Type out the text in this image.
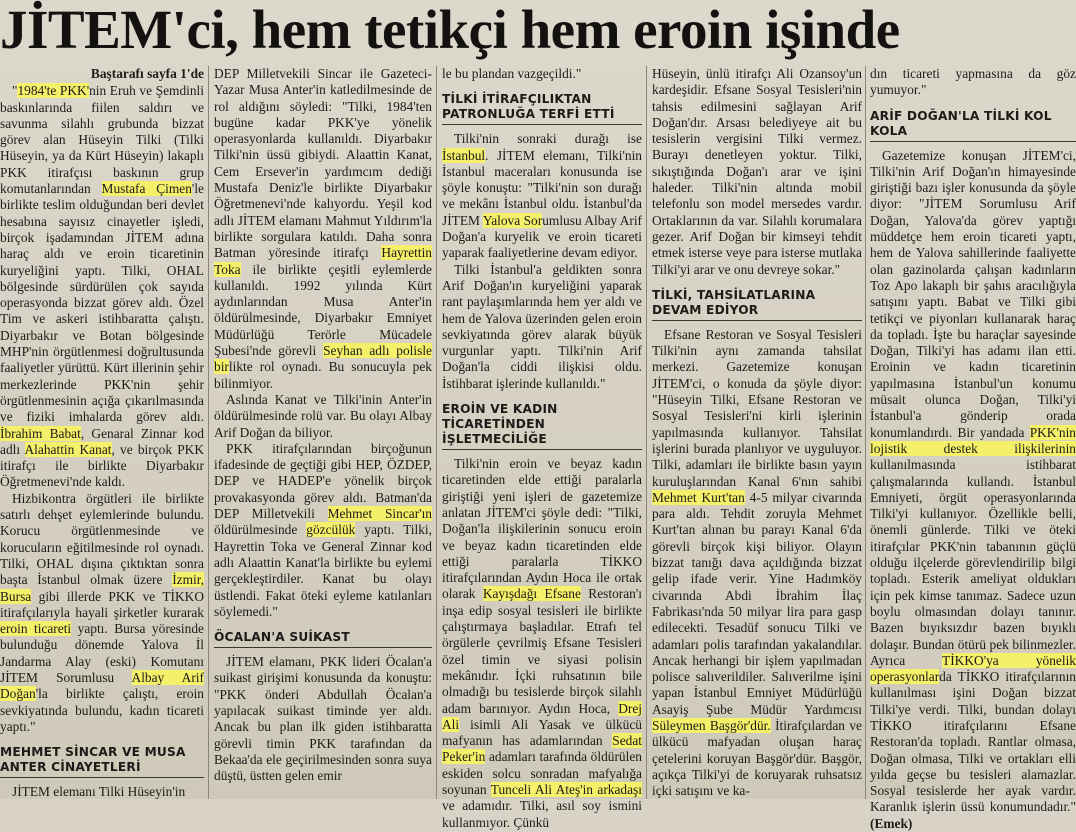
JİTEM'ci, hem tetikçi hem eroin işinde
Baştarafı sayfa 1'de

"1984'te PKK'nin Eruh ve Şemdinli baskınlarında fiilen saldırı ve savunma silahlı grubunda bizzat görev alan Hüseyin Tilki (Tilki Hüseyin, ya da Kürt Hüseyin) lakaplı PKK itirafçısı baskının grup komutanlarından Mustafa Çimen'le birlikte teslim olduğundan beri devlet hesabına sayısız cinayetler işledi, birçok işadamından JİTEM adına haraç aldı ve eroin ticaretinin kuryeliğini yaptı. Tilki, OHAL bölgesinde sürdürülen çok sayıda operasyonda bizzat görev aldı. Özel Tim ve askeri istihbaratta çalıştı. Diyarbakır ve Botan bölgesinde MHP'nin örgütlenmesi doğrultusunda faaliyetler yürüttü. Kürt illerinin şehir merkezlerinde PKK'nin şehir örgütlenmesinin açığa çıkarılmasında ve fiziki imhalarda görev aldı. İbrahim Babat, Genaral Zinnar kod adlı Alahattin Kanat, ve birçok PKK itirafçı ile birlikte Diyarbakır Öğretmenevi'nde kaldı.

Hizbikontra örgütleri ile birlikte satırlı dehşet eylemlerinde bulundu. Korucu örgütlenmesinde ve korucuların eğitilmesinde rol oynadı. Tilki, OHAL dışına çıktıktan sonra başta İstanbul olmak üzere İzmir, Bursa gibi illerde PKK ve TİKKO itirafçılarıyla hayali şirketler kurarak eroin ticareti yaptı. Bursa yöresinde bulunduğu dönemde Yalova İl Jandarma Alay (eski) Komutanı JİTEM Sorumlusu Albay Arif Doğan'la birlikte çalıştı, eroin sevkiyatında bulundu, kadın ticareti yaptı."

MEHMET SİNCAR VE MUSA ANTER CİNAYETLERİ

JİTEM elemanı Tilki Hüseyin'in

DEP Milletvekili Sincar ile Gazeteci-Yazar Musa Anter'in katledilmesinde de rol aldığını söyledi: "Tilki, 1984'ten bugüne kadar PKK'ye yönelik operasyonlarda kullanıldı. Diyarbakır Tilki'nin üssü gibiydi. Alaattin Kanat, Cem Ersever'in yardımcım dediği Mustafa Deniz'le birlikte Diyarbakır Öğretmenevi'nde kalıyordu. Yeşil kod adlı JİTEM elamanı Mahmut Yıldırım'la birlikte sorgulara katıldı. Daha sonra Batman yöresinde itirafçı Hayrettin Toka ile birlikte çeşitli eylemlerde kullanıldı. 1992 yılında Kürt aydınlarından Musa Anter'in öldürülmesinde, Diyarbakır Emniyet Müdürlüğü Terörle Mücadele Şubesi'nde görevli Seyhan adlı polisle birlikte rol oynadı. Bu sonucuyla pek bilinmiyor.

Aslında Kanat ve Tilki'inin Anter'in öldürülmesinde rolü var. Bu olayı Albay Arif Doğan da biliyor.

PKK itirafçılarından birçoğunun ifadesinde de geçtiği gibi HEP, ÖZDEP, DEP ve HADEP'e yönelik birçok provakasyonda görev aldı. Batman'da DEP Milletvekili Mehmet Sincar'ın öldürülmesinde gözcülük yaptı. Tilki, Hayrettin Toka ve General Zinnar kod adlı Alaattin Kanat'la birlikte bu eylemi gerçekleştirdiler. Kanat bu olayı üstlendi. Fakat öteki eyleme katılanları söylemedi."

ÖCALAN'A SUİKAST

JİTEM elamanı, PKK lideri Öcalan'a suikast girişimi konusunda da konuştu: "PKK önderi Abdullah Öcalan'a yapılacak suikast timinde yer aldı. Ancak bu plan ilk giden istihbaratta görevli timin PKK tarafından da Bekaa'da ele geçirilmesinden sonra suya düştü, üstten gelen emir

le bu plandan vazgeçildi."

TİLKİ İTİRAFÇILIKTAN PATRONLUĞA TERFİ ETTİ

Tilki'nin sonraki durağı ise İstanbul. JİTEM elemanı, Tilki'nin İstanbul maceraları konusunda ise şöyle konuştu: "Tilki'nin son durağı ve mekânı İstanbul oldu. İstanbul'da JİTEM Yalova Sorumlusu Albay Arif Doğan'a kuryelik ve eroin ticareti yaparak faaliyetlerine devam ediyor.

Tilki İstanbul'a geldikten sonra Arif Doğan'ın kuryeliğini yaparak rant paylaşımlarında hem yer aldı ve hem de Yalova üzerinden gelen eroin sevkiyatında görev alarak büyük vurgunlar yaptı. Tilki'nin Arif Doğan'la ciddi ilişkisi oldu. İstihbarat işlerinde kullanıldı."

EROİN VE KADIN TİCARETİNDEN İŞLETMECİLİĞE

Tilki'nin eroin ve beyaz kadın ticaretinden elde ettiği paralarla giriştiği yeni işleri de gazetemize anlatan JİTEM'ci şöyle dedi: "Tilki, Doğan'la ilişkilerinin sonucu eroin ve beyaz kadın ticaretinden elde ettiği paralarla TİKKO itirafçılarından Aydın Hoca ile ortak olarak Kayışdağı Efsane Restoran'ı inşa edip sosyal tesisleri ile birlikte çalıştırmaya başladılar. Etrafı tel örgülerle çevrilmiş Efsane Tesisleri özel timin ve siyasi polisin mekânıdır. İçki ruhsatının bile olmadığı bu tesislerde birçok silahlı adam barınıyor. Aydın Hoca, Drej Ali isimli Ali Yasak ve ülkücü mafyanın has adamlarından Sedat Peker'in adamları tarafında öldürülen eskiden solcu sonradan mafyalığa soyunan Tunceli Ali Ateş'in arkadaşı ve adamıdır. Tilki, asıl soy ismini kullanmıyor. Çünkü

Hüseyin, ünlü itirafçı Ali Ozansoy'un kardeşidir. Efsane Sosyal Tesisleri'nin tahsis edilmesini sağlayan Arif Doğan'dır. Arsası belediyeye ait bu tesislerin vergisini Tilki vermez. Burayı denetleyen yoktur. Tilki, sıkıştığında Doğan'ı arar ve işini haleder. Tilki'nin altında mobil telefonlu son model mersedes vardır. Ortaklarının da var. Silahlı korumalara gezer. Arif Doğan bir kimseyi tehdit etmek isterse veye para isterse mutlaka Tilki'yi arar ve onu devreye sokar."

TİLKİ, TAHSİLATLARINA DEVAM EDİYOR

Efsane Restoran ve Sosyal Tesisleri Tilki'nin aynı zamanda tahsilat merkezi. Gazetemize konuşan JİTEM'ci, o konuda da şöyle diyor: "Hüseyin Tilki, Efsane Restoran ve Sosyal Tesisleri'ni kirli işlerinin yapılmasında kullanıyor. Tahsilat işlerini burada planlıyor ve uyguluyor. Tilki, adamları ile birlikte basın yayın kuruluşlarından Kanal 6'nın sahibi Mehmet Kurt'tan 4-5 milyar civarında para aldı. Tehdit zoruyla Mehmet Kurt'tan alınan bu parayı Kanal 6'da görevli birçok kişi biliyor. Olayın bizzat tanığı dava açıldığında bizzat gelip ifade verir. Yine Hadımköy civarında Abdi İbrahim İlaç Fabrikası'nda 50 milyar lira para gasp edilecekti. Tesadüf sonucu Tilki ve adamları polis tarafından yakalandılar. Ancak herhangi bir işlem yapılmadan polisce salıverildiler. Salıverilme işini yapan İstanbul Emniyet Müdürlüğü Asayiş Şube Müdür Yardımcısı Süleymen Başgör'dür. İtirafçılardan ve ülkücü mafyadan oluşan haraç çetelerini koruyan Başgör'dür. Başgör, açıkça Tilki'yi de koruyarak ruhsatsız içki satışını ve ka-

dın ticareti yapmasına da göz yumuyor."

ARİF DOĞAN'LA TİLKİ KOL KOLA

Gazetemize konuşan JİTEM'ci, Tilki'nin Arif Doğan'ın himayesinde giriştiği bazı işler konusunda da şöyle diyor: "JİTEM Sorumlusu Arif Doğan, Yalova'da görev yaptığı müddetçe hem eroin ticareti yaptı, hem de Yalova sahillerinde faaliyette olan gazinolarda çalışan kadınların Toz Apo lakaplı bir şahıs aracılığıyla satışını yaptı. Babat ve Tilki gibi tetikçi ve piyonları kullanarak haraç da topladı. İşte bu haraçlar sayesinde Doğan, Tilki'yi has adamı ilan etti. Eroinin ve kadın ticaretinin yapılmasına İstanbul'un konumu müsait olunca Doğan, Tilki'yi İstanbul'a gönderip orada konumlandırdı. Bir yandada PKK'nin lojistik destek ilişkilerinin kullanılmasında istihbarat çalışmalarında kullandı. İstanbul Emniyeti, örgüt operasyonlarında Tilki'yi kullanıyor. Özellikle belli, önemli günlerde. Tilki ve öteki itirafçılar PKK'nin tabanının güçlü olduğu ilçelerde görevlendirilip bilgi topladı. Esterik ameliyat oldukları için pek kimse tanımaz. Sadece uzun boylu olmasından dolayı tanınır. Bazen bıyıksızdır bazen bıyıklı dolaşır. Bundan ötürü pek bilinmezler. Ayrıca TİKKO'ya yönelik operasyonlarda TİKKO itirafçılarının kullanılması işini Doğan bizzat Tilki'ye verdi. Tilki, bundan dolayı TİKKO itirafçılarını Efsane Restoran'da topladı. Rantlar olmasa, Doğan olmasa, Tilki ve ortakları elli yılda geçse bu tesisleri alamazlar. Sosyal tesislerde her ayak vardır. Karanlık işlerin üssü konumundadır." (Emek)
